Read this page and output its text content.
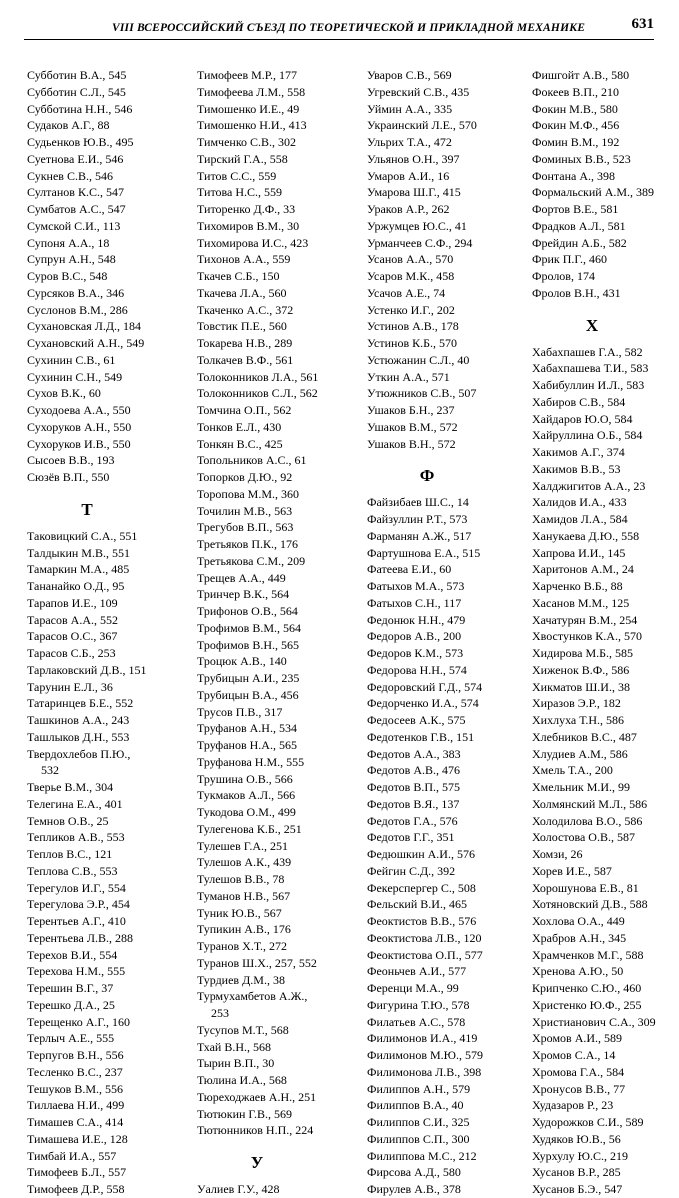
VIII ВСЕРОССИЙСКИЙ СЪЕЗД ПО ТЕОРЕТИЧЕСКОЙ И ПРИКЛАДНОЙ МЕХАНИКЕ	631
Субботин В.А., 545
Субботин С.Л., 545
Субботина Н.Н., 546
Судаков А.Г., 88
Судьенков Ю.В., 495
Суетнова Е.И., 546
Сукнев С.В., 546
Султанов К.С., 547
Сумбатов А.С., 547
Сумской С.И., 113
Супоня А.А., 18
Супрун А.Н., 548
Суров В.С., 548
Сурсяков В.А., 346
Суслонов В.М., 286
Сухановская Л.Д., 184
Сухановский А.Н., 549
Сухинин С.В., 61
Сухинин С.Н., 549
Сухов В.К., 60
Суходоева А.А., 550
Сухоруков А.Н., 550
Сухоруков И.В., 550
Сысоев В.В., 193
Сюзёв В.П., 550
Т
Таковицкий С.А., 551
Талдыкин М.В., 551
Тамаркин М.А., 485
Тананайко О.Д., 95
Тарапов И.Е., 109
Тарасов А.А., 552
Тарасов О.С., 367
Тарасов С.Б., 253
Тарлаковский Д.В., 151
Тарунин Е.Л., 36
Татаринцев Б.Е., 552
Ташкинов А.А., 243
Ташлыков Д.Н., 553
Твердохлебов П.Ю.,
532
Тверье В.М., 304
Телегина Е.А., 401
Темнов О.В., 25
Тепликов А.В., 553
Теплов В.С., 121
Теплова С.В., 553
Терегулов И.Г., 554
Терегулова Э.Р., 454
Терентьев А.Г., 410
Терентьева Л.В., 288
Терехов В.И., 554
Терехова Н.М., 555
Терешин В.Г., 37
Терешко Д.А., 25
Терещенко А.Г., 160
Терлыч А.Е., 555
Терпугов В.Н., 556
Тесленко В.С., 237
Тешуков В.М., 556
Тиллаева Н.И., 499
Тимашев С.А., 414
Тимашева И.Е., 128
Тимбай И.А., 557
Тимофеев Б.Л., 557
Тимофеев Д.Р., 558
Тимофеев М.Р., 177
Тимофеева Л.М., 558
Тимошенко И.Е., 49
Тимошенко Н.И., 413
Тимченко С.В., 302
Тирский Г.А., 558
Титов С.С., 559
Титова Н.С., 559
Титоренко Д.Ф., 33
Тихомиров В.М., 30
Тихомирова И.С., 423
Тихонов А.А., 559
Ткачев С.Б., 150
Ткачева Л.А., 560
Ткаченко А.С., 372
Товстик П.Е., 560
Токарева Н.В., 289
Толкачев В.Ф., 561
Толоконников Л.А., 561
Толоконников С.Л., 562
Томчина О.П., 562
Тонков Е.Л., 430
Тонкян В.С., 425
Топольников А.С., 61
Топорков Д.Ю., 92
Торопова М.М., 360
Точилин М.В., 563
Трегубов В.П., 563
Третьяков П.К., 176
Третьякова С.М., 209
Трещев А.А., 449
Тринчер В.К., 564
Трифонов О.В., 564
Трофимов В.М., 564
Трофимов В.Н., 565
Троцюк А.В., 140
Трубицын А.И., 235
Трубицын В.А., 456
Трусов П.В., 317
Труфанов А.Н., 534
Труфанов Н.А., 565
Труфанова Н.М., 555
Трушина О.В., 566
Тукмаков А.Л., 566
Тукодова О.М., 499
Тулегенова К.Б., 251
Тулешев Г.А., 251
Тулешов А.К., 439
Тулешов В.В., 78
Туманов Н.В., 567
Туник Ю.В., 567
Тупикин А.В., 176
Туранов Х.Т., 272
Туранов Ш.Х., 257, 552
Турдиев Д.М., 38
Турмухамбетов А.Ж.,
253
Тусупов М.Т., 568
Тхай В.Н., 568
Тырин В.П., 30
Тюлина И.А., 568
Тюреходжаев А.Н., 251
Тютюкин Г.В., 569
Тютюнников Н.П., 224
У
Уалиев Г.У., 428
Уваров С.В., 569
Угревский С.В., 435
Уймин А.А., 335
Украинский Л.Е., 570
Ульрих Т.А., 472
Ульянов О.Н., 397
Умаров А.И., 16
Умарова Ш.Г., 415
Ураков А.Р., 262
Уржумцев Ю.С., 41
Урманчеев С.Ф., 294
Усанов А.А., 570
Усаров М.К., 458
Усачов А.Е., 74
Устенко И.Г., 202
Устинов А.В., 178
Устинов К.Б., 570
Устюжанин С.Л., 40
Уткин А.А., 571
Утюжников С.В., 507
Ушаков Б.Н., 237
Ушаков В.М., 572
Ушаков В.Н., 572
Ф
Файзибаев Ш.С., 14
Файзуллин Р.Т., 573
Фарманян А.Ж., 517
Фартушнова Е.А., 515
Фатеева Е.И., 60
Фатыхов М.А., 573
Фатыхов С.Н., 117
Федонюк Н.Н., 479
Федоров А.В., 200
Федоров К.М., 573
Федорова Н.Н., 574
Федоровский Г.Д., 574
Федорченко И.А., 574
Федосеев А.К., 575
Федотенков Г.В., 151
Федотов А.А., 383
Федотов А.В., 476
Федотов В.П., 575
Федотов В.Я., 137
Федотов Г.А., 576
Федотов Г.Г., 351
Федюшкин А.И., 576
Фейгин С.Д., 392
Фекерспергер С., 508
Фельский В.И., 465
Феоктистов В.В., 576
Феоктистова Л.В., 120
Феоктистова О.П., 577
Феоньчев А.И., 577
Ференци М.А., 99
Фигурина Т.Ю., 578
Филатьев А.С., 578
Филимонов И.А., 419
Филимонов М.Ю., 579
Филимонова Л.В., 398
Филиппов А.Н., 579
Филиппов В.А., 40
Филиппов С.И., 325
Филиппов С.П., 300
Филиппова М.С., 212
Фирсова А.Д., 580
Фирулев А.В., 378
Фишгойт А.В., 580
Фокеев В.П., 210
Фокин М.В., 580
Фокин М.Ф., 456
Фомин В.М., 192
Фоминых В.В., 523
Фонтана А., 398
Формальский А.М., 389
Фортов В.Е., 581
Фрадков А.Л., 581
Фрейдин А.Б., 582
Фрик П.Г., 460
Фролов, 174
Фролов В.Н., 431
Х
Хабахпашев Г.А., 582
Хабахпашева Т.И., 583
Хабибуллин И.Л., 583
Хабиров С.В., 584
Хайдаров Ю.О, 584
Хайруллина О.Б., 584
Хакимов А.Г., 374
Хакимов В.В., 53
Халджигитов А.А., 23
Халидов И.А., 433
Хамидов Л.А., 584
Ханукаева Д.Ю., 558
Хапрова И.И., 145
Харитонов А.М., 24
Харченко В.Б., 88
Хасанов М.М., 125
Хачатурян В.М., 254
Хвостунков К.А., 570
Хидирова М.Б., 585
Хиженок В.Ф., 586
Хикматов Ш.И., 38
Хиразов Э.Р., 182
Хихлуха Т.Н., 586
Хлебников В.С., 487
Хлудиев А.М., 586
Хмель Т.А., 200
Хмельник М.И., 99
Холмянский М.Л., 586
Холодилова В.О., 586
Холостова О.В., 587
Хомзи, 26
Хорев И.Е., 587
Хорошунова Е.В., 81
Хотяновский Д.В., 588
Хохлова О.А., 449
Храбров А.Н., 345
Храмченков М.Г., 588
Хренова А.Ю., 50
Крипченко С.Ю., 460
Христенко Ю.Ф., 255
Христианович С.А., 309
Хромов А.И., 589
Хромов С.А., 14
Хромова Г.А., 584
Хронусов В.В., 77
Худазаров Р., 23
Худорожков С.И., 589
Худяков Ю.В., 56
Хурхулу Ю.С., 219
Хусанов В.Р., 285
Хусанов Б.Э., 547
